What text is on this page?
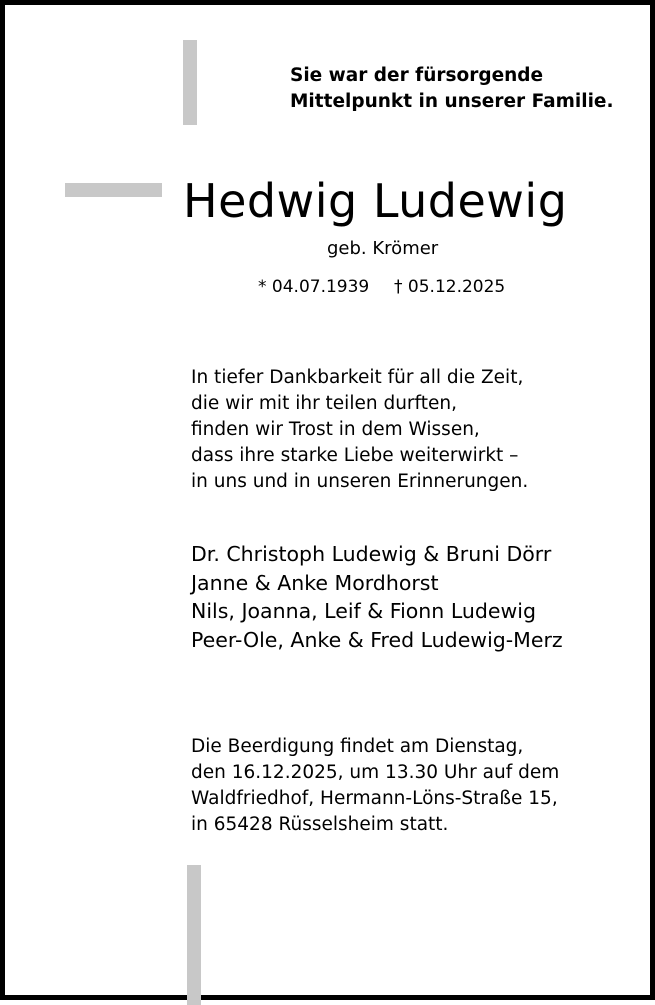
Sie war der fürsorgende
Mittelpunkt in unserer Familie.
Hedwig Ludewig
geb. Krömer
* 04.07.1939 † 05.12.2025
In tiefer Dankbarkeit für all die Zeit,
die wir mit ihr teilen durften,
finden wir Trost in dem Wissen,
dass ihre starke Liebe weiterwirkt –
in uns und in unseren Erinnerungen.
Dr. Christoph Ludewig & Bruni Dörr
Janne & Anke Mordhorst
Nils, Joanna, Leif & Fionn Ludewig
Peer-Ole, Anke & Fred Ludewig-Merz
Die Beerdigung findet am Dienstag,
den 16.12.2025, um 13.30 Uhr auf dem
Waldfriedhof, Hermann-Löns-Straße 15,
in 65428 Rüsselsheim statt.
